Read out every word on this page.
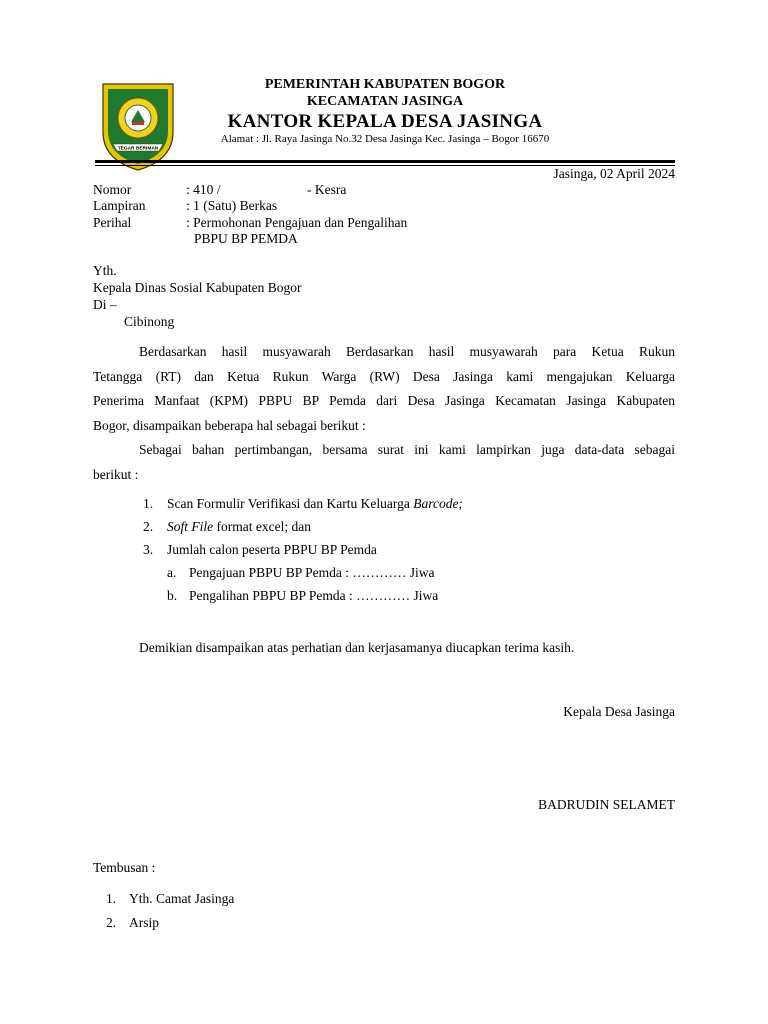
TEGAR BERIMAN
PEMERINTAH KABUPATEN BOGOR
KECAMATAN JASINGA
KANTOR KEPALA DESA JASINGA
Alamat : Jl. Raya Jasinga No.32 Desa Jasinga Kec. Jasinga – Bogor 16670
Jasinga, 02 April 2024
Nomor	: 410 /	- Kesra
Lampiran	: 1 (Satu) Berkas
Perihal	: Permohonan Pengajuan dan Pengalihan
PBPU BP PEMDA
Yth.
Kepala Dinas Sosial Kabupaten Bogor
Di –
Cibinong
Berdasarkan hasil musyawarah Berdasarkan hasil musyawarah para Ketua Rukun
Tetangga (RT) dan Ketua Rukun Warga (RW) Desa Jasinga kami mengajukan Keluarga
Penerima Manfaat (KPM) PBPU BP Pemda dari Desa Jasinga Kecamatan Jasinga Kabupaten
Bogor, disampaikan beberapa hal sebagai berikut :
Sebagai bahan pertimbangan, bersama surat ini kami lampirkan juga data-data sebagai
berikut :
1. Scan Formulir Verifikasi dan Kartu Keluarga Barcode;
2. Soft File format excel; dan
3. Jumlah calon peserta PBPU BP Pemda
a. Pengajuan PBPU BP Pemda : ………… Jiwa
b. Pengalihan PBPU BP Pemda : ………… Jiwa
Demikian disampaikan atas perhatian dan kerjasamanya diucapkan terima kasih.
Kepala Desa Jasinga
BADRUDIN SELAMET
Tembusan :
1. Yth. Camat Jasinga
2. Arsip
